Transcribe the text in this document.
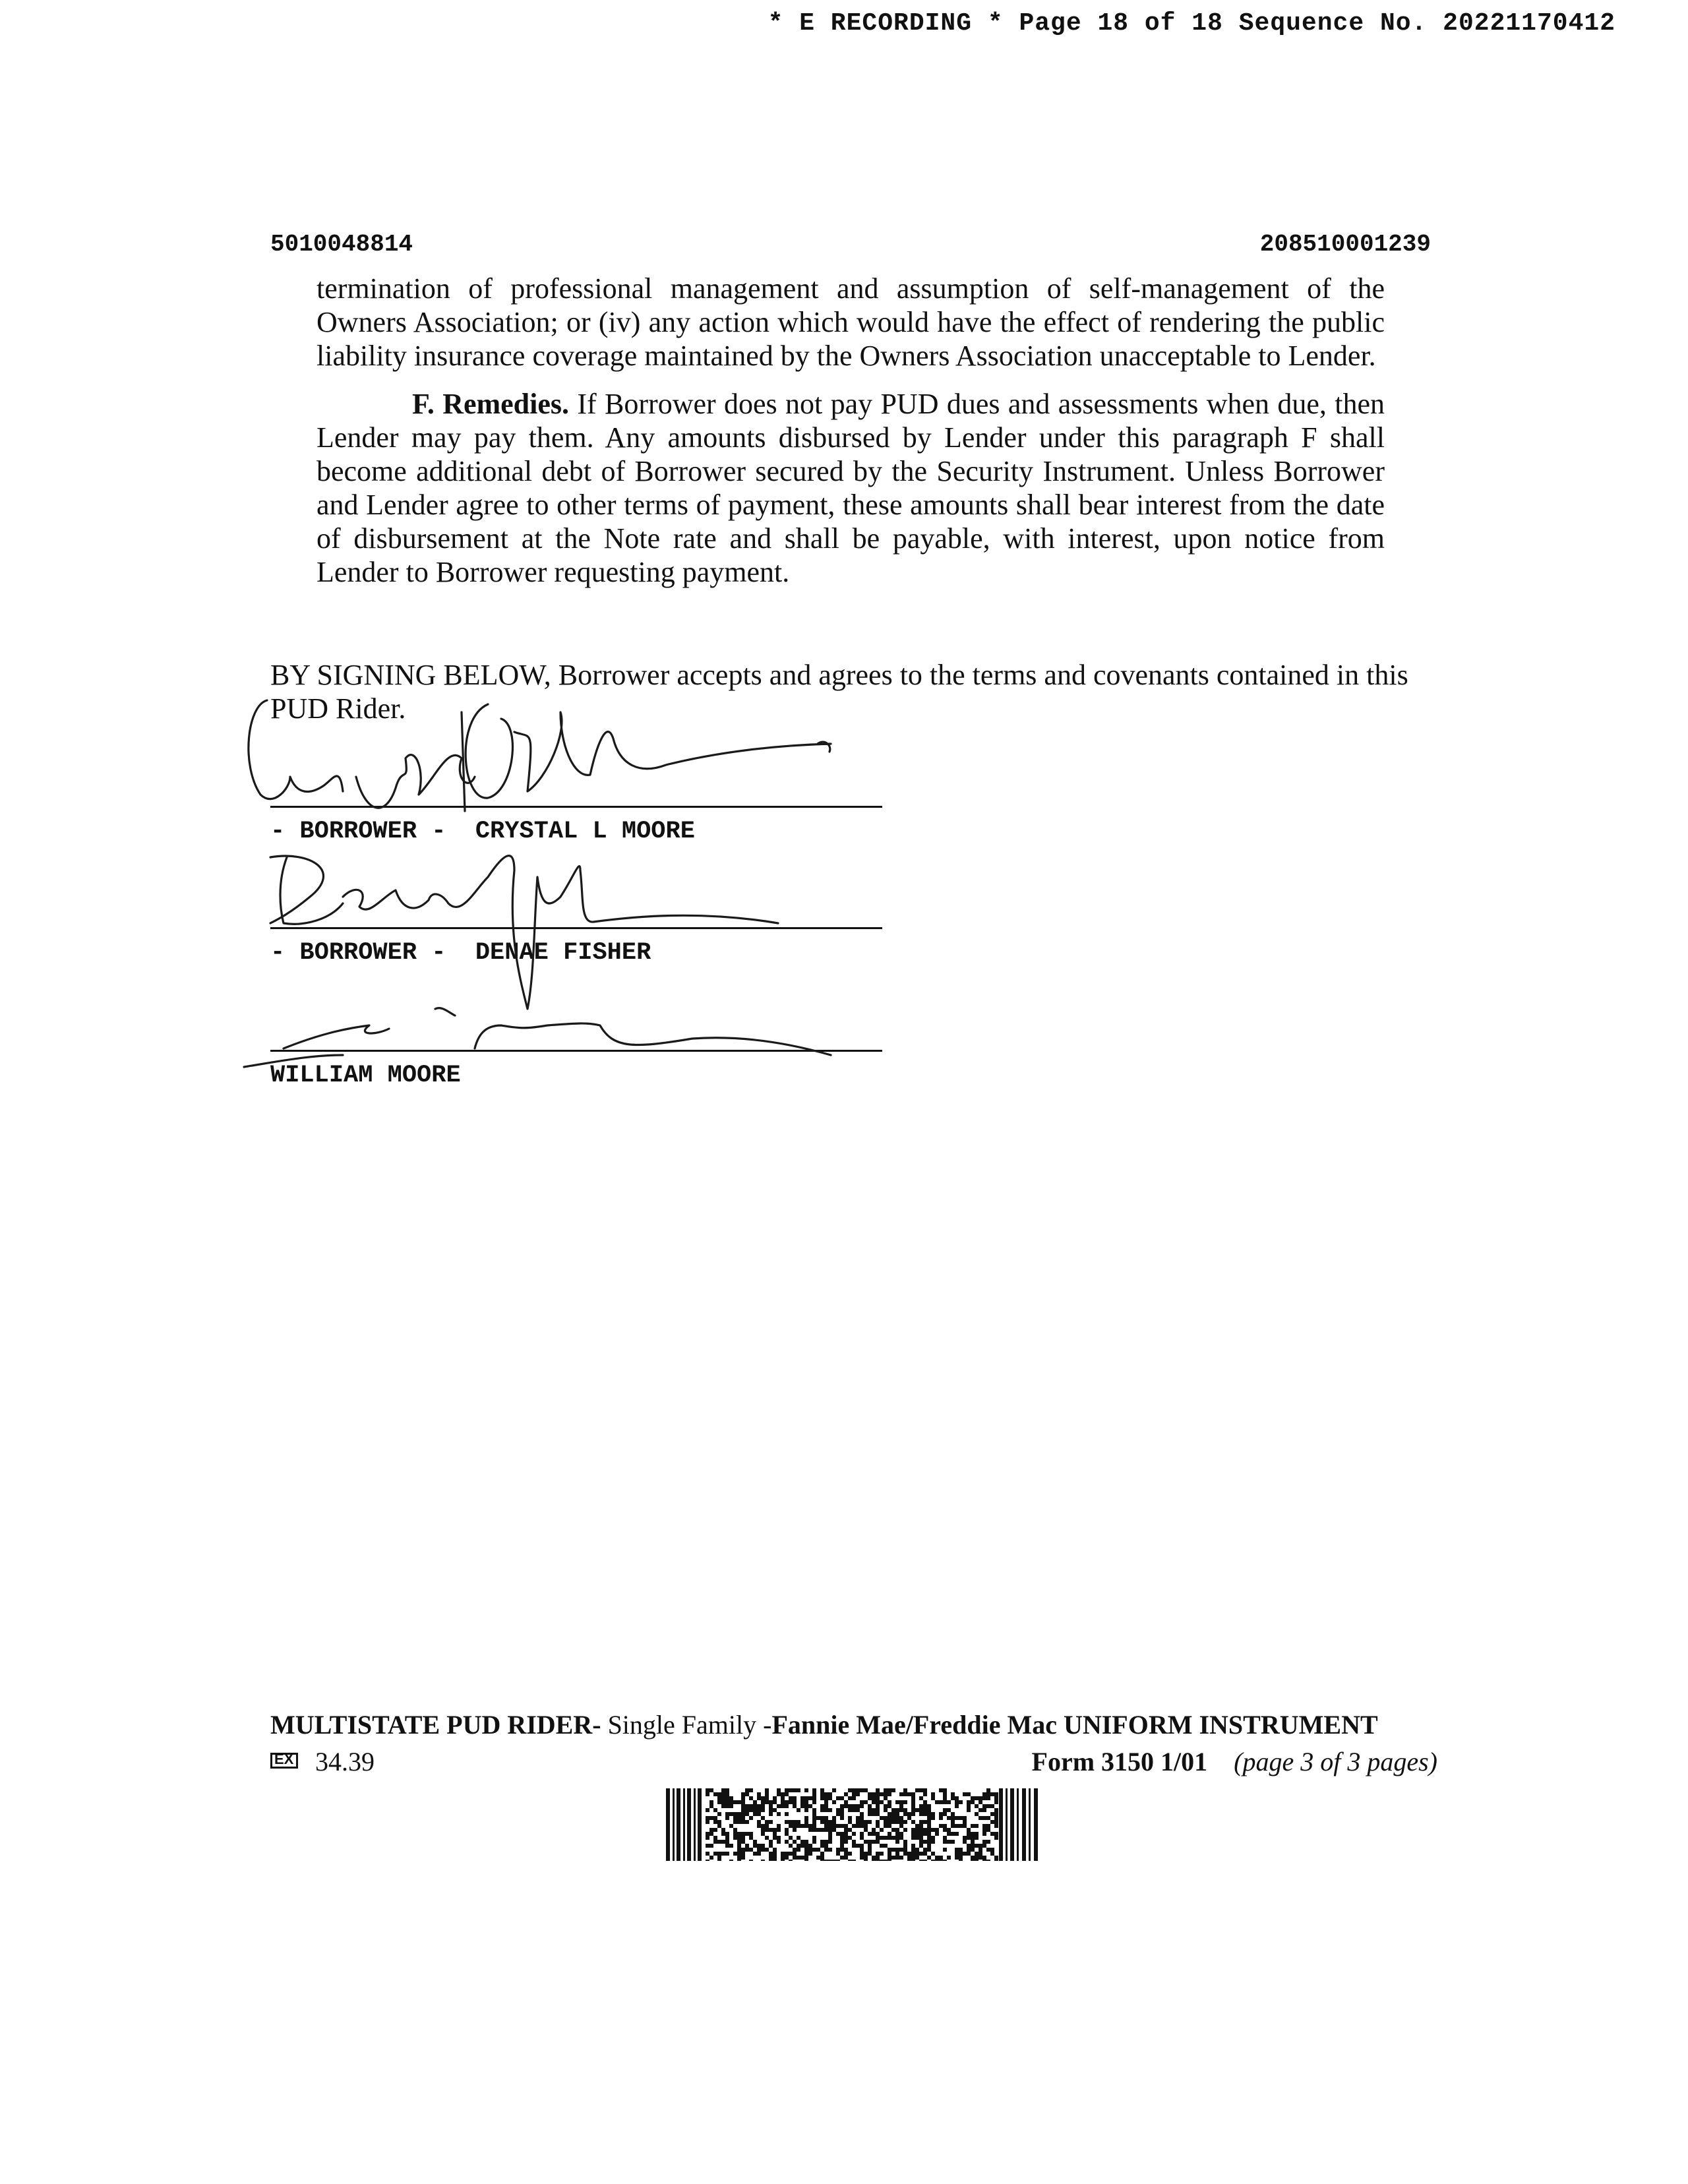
* E RECORDING * Page 18 of 18 Sequence No. 20221170412
5010048814	208510001239

termination of professional management and assumption of self-management of the Owners Association; or (iv) any action which would have the effect of rendering the public liability insurance coverage maintained by the Owners Association unacceptable to Lender.

F. Remedies. If Borrower does not pay PUD dues and assessments when due, then Lender may pay them. Any amounts disbursed by Lender under this paragraph F shall become additional debt of Borrower secured by the Security Instrument. Unless Borrower and Lender agree to other terms of payment, these amounts shall bear interest from the date of disbursement at the Note rate and shall be payable, with interest, upon notice from Lender to Borrower requesting payment.

BY SIGNING BELOW, Borrower accepts and agrees to the terms and covenants contained in this PUD Rider.
- BORROWER -  CRYSTAL L MOORE
- BORROWER -  DENAE FISHER
WILLIAM MOORE
MULTISTATE PUD RIDER- Single Family -Fannie Mae/Freddie Mac UNIFORM INSTRUMENT
EX 34.39	Form 3150 1/01 (page 3 of 3 pages)
